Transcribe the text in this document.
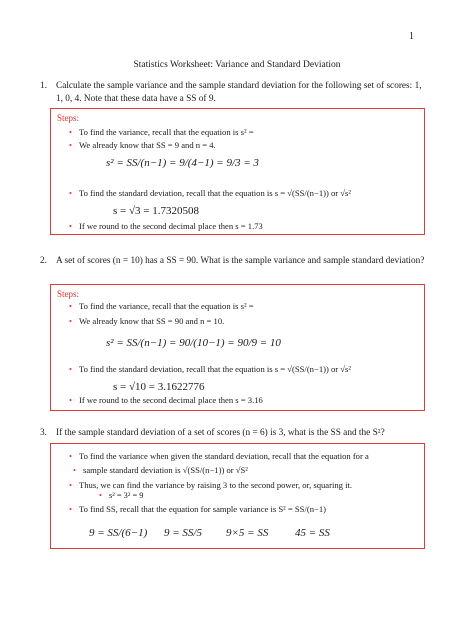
1
Statistics Worksheet: Variance and Standard Deviation
1. Calculate the sample variance and the sample standard deviation for the following set of scores: 1, 1, 0, 4. Note that these data have a SS of 9.
Steps:
• To find the variance, recall that the equation is s² =
• We already know that SS = 9 and n = 4.
s² = SS/(n−1) = 9/(4−1) = 9/3 = 3
• To find the standard deviation, recall that the equation is s = √(SS/(n−1)) or √s²
s = √3 = 1.7320508
• If we round to the second decimal place then s = 1.73
2. A set of scores (n = 10) has a SS = 90. What is the sample variance and sample standard deviation?
Steps:
• To find the variance, recall that the equation is s² =
• We already know that SS = 90 and n = 10.
s² = SS/(n−1) = 90/(10−1) = 90/9 = 10
• To find the standard deviation, recall that the equation is s = √(SS/(n−1)) or √s²
s = √10 = 3.1622776
• If we round to the second decimal place then s = 3.16
3. If the sample standard deviation of a set of scores (n = 6) is 3, what is the SS and the S²?
• To find the variance when given the standard deviation, recall that the equation for a
• sample standard deviation is √(SS/(n−1)) or √S²
• Thus, we can find the variance by raising 3 to the second power, or, squaring it.
• s² = 3² = 9
• To find SS, recall that the equation for sample variance is S² = SS/(n−1)
9 = SS/(6−1) 9 = SS/5 9×5 = SS 45 = SS
